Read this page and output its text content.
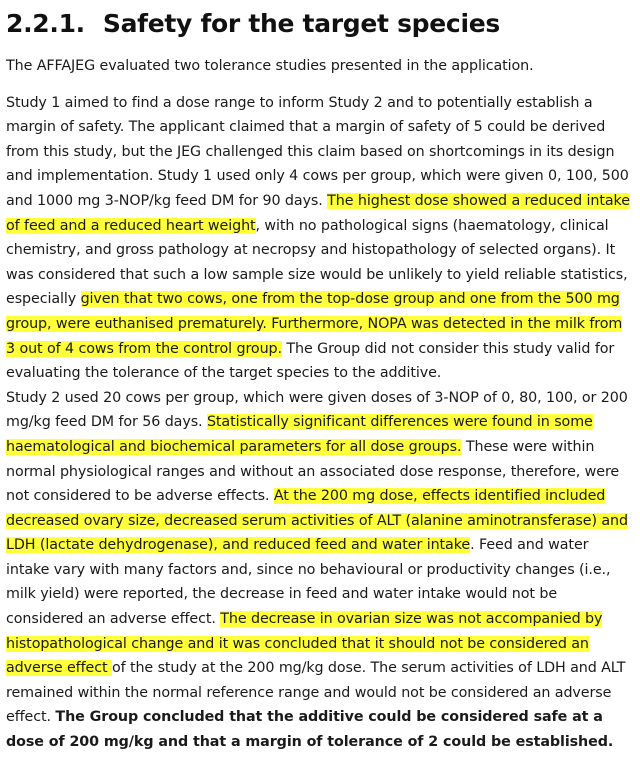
2.2.1. Safety for the target species

The AFFAJEG evaluated two tolerance studies presented in the application.

Study 1 aimed to find a dose range to inform Study 2 and to potentially establish a margin of safety. The applicant claimed that a margin of safety of 5 could be derived from this study, but the JEG challenged this claim based on shortcomings in its design and implementation. Study 1 used only 4 cows per group, which were given 0, 100, 500 and 1000 mg 3-NOP/kg feed DM for 90 days. The highest dose showed a reduced intake of feed and a reduced heart weight, with no pathological signs (haematology, clinical chemistry, and gross pathology at necropsy and histopathology of selected organs). It was considered that such a low sample size would be unlikely to yield reliable statistics, especially given that two cows, one from the top-dose group and one from the 500 mg group, were euthanised prematurely. Furthermore, NOPA was detected in the milk from 3 out of 4 cows from the control group. The Group did not consider this study valid for evaluating the tolerance of the target species to the additive.

Study 2 used 20 cows per group, which were given doses of 3-NOP of 0, 80, 100, or 200 mg/kg feed DM for 56 days. Statistically significant differences were found in some haematological and biochemical parameters for all dose groups. These were within normal physiological ranges and without an associated dose response, therefore, were not considered to be adverse effects. At the 200 mg dose, effects identified included decreased ovary size, decreased serum activities of ALT (alanine aminotransferase) and LDH (lactate dehydrogenase), and reduced feed and water intake. Feed and water intake vary with many factors and, since no behavioural or productivity changes (i.e., milk yield) were reported, the decrease in feed and water intake would not be considered an adverse effect. The decrease in ovarian size was not accompanied by histopathological change and it was concluded that it should not be considered an adverse effect of the study at the 200 mg/kg dose. The serum activities of LDH and ALT remained within the normal reference range and would not be considered an adverse effect. The Group concluded that the additive could be considered safe at a dose of 200 mg/kg and that a margin of tolerance of 2 could be established.
